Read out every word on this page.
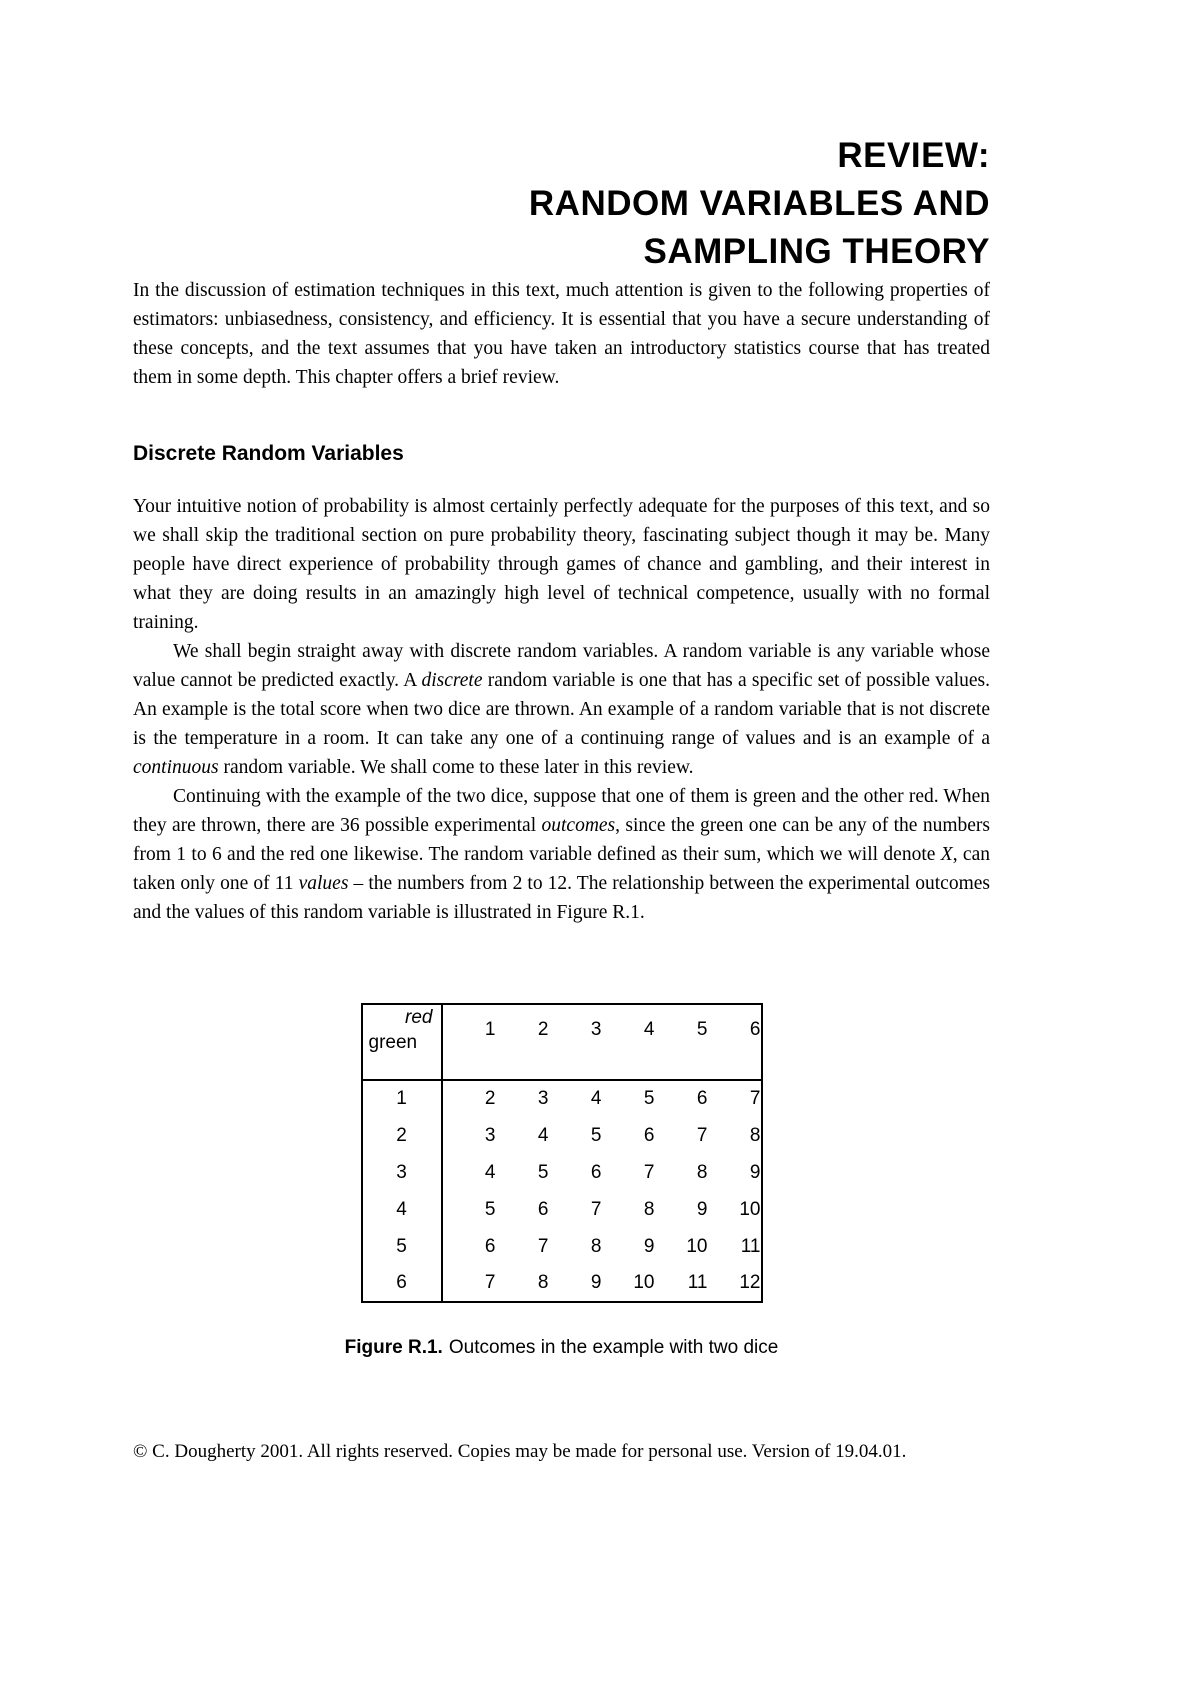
REVIEW:
RANDOM VARIABLES AND
SAMPLING THEORY

In the discussion of estimation techniques in this text, much attention is given to the following properties of estimators: unbiasedness, consistency, and efficiency. It is essential that you have a secure understanding of these concepts, and the text assumes that you have taken an introductory statistics course that has treated them in some depth. This chapter offers a brief review.

Discrete Random Variables

Your intuitive notion of probability is almost certainly perfectly adequate for the purposes of this text, and so we shall skip the traditional section on pure probability theory, fascinating subject though it may be. Many people have direct experience of probability through games of chance and gambling, and their interest in what they are doing results in an amazingly high level of technical competence, usually with no formal training.

We shall begin straight away with discrete random variables. A random variable is any variable whose value cannot be predicted exactly. A discrete random variable is one that has a specific set of possible values. An example is the total score when two dice are thrown. An example of a random variable that is not discrete is the temperature in a room. It can take any one of a continuing range of values and is an example of a continuous random variable. We shall come to these later in this review.

Continuing with the example of the two dice, suppose that one of them is green and the other red. When they are thrown, there are 36 possible experimental outcomes, since the green one can be any of the numbers from 1 to 6 and the red one likewise. The random variable defined as their sum, which we will denote X, can taken only one of 11 values – the numbers from 2 to 12. The relationship between the experimental outcomes and the values of this random variable is illustrated in Figure R.1.

red
green	1	2	3	4	5	6
1	2	3	4	5	6	7
2	3	4	5	6	7	8
3	4	5	6	7	8	9
4	5	6	7	8	9	10
5	6	7	8	9	10	11
6	7	8	9	10	11	12
Figure R.1. Outcomes in the example with two dice
© C. Dougherty 2001. All rights reserved. Copies may be made for personal use. Version of 19.04.01.
